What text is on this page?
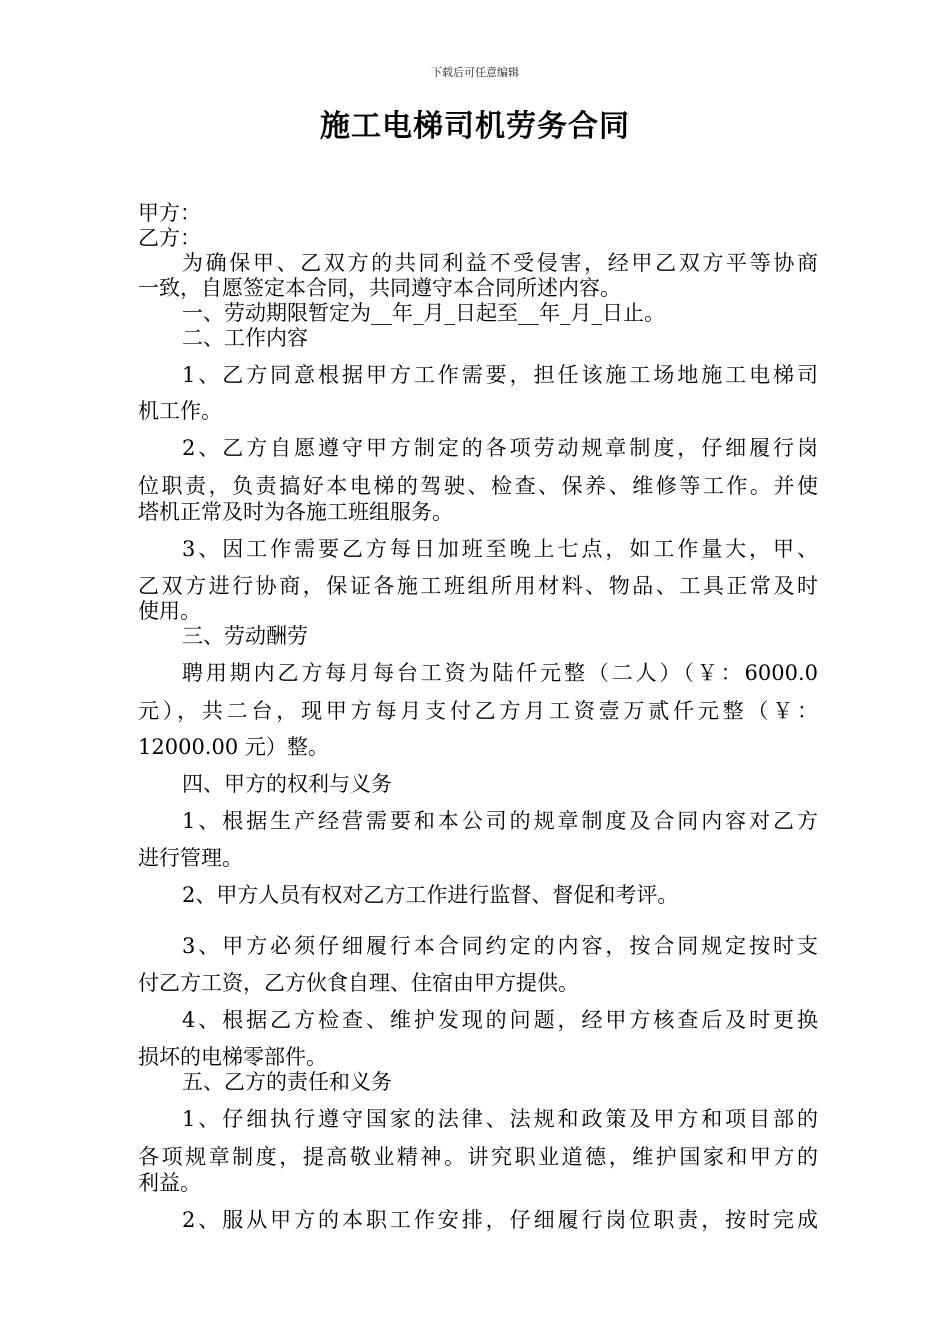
下载后可任意编辑
施工电梯司机劳务合同
甲方：
乙方：
为确保甲、乙双方的共同利益不受侵害，经甲乙双方平等协商
一致，自愿签定本合同，共同遵守本合同所述内容。
一、劳动期限暂定为__年_月_日起至__年_月_日止。
二、工作内容
1、乙方同意根据甲方工作需要，担任该施工场地施工电梯司
机工作。
2、乙方自愿遵守甲方制定的各项劳动规章制度，仔细履行岗
位职责，负责搞好本电梯的驾驶、检查、保养、维修等工作。并使
塔机正常及时为各施工班组服务。
3、因工作需要乙方每日加班至晚上七点，如工作量大，甲、
乙双方进行协商，保证各施工班组所用材料、物品、工具正常及时
使用。
三、劳动酬劳
聘用期内乙方每月每台工资为陆仟元整（二人）（￥：6000.0
元），共二台，现甲方每月支付乙方月工资壹万贰仟元整（￥：
12000.00 元）整。
四、甲方的权利与义务
1、根据生产经营需要和本公司的规章制度及合同内容对乙方
进行管理。
2、甲方人员有权对乙方工作进行监督、督促和考评。
3、甲方必须仔细履行本合同约定的内容，按合同规定按时支
付乙方工资，乙方伙食自理、住宿由甲方提供。
4、根据乙方检查、维护发现的问题，经甲方核查后及时更换
损坏的电梯零部件。
五、乙方的责任和义务
1、仔细执行遵守国家的法律、法规和政策及甲方和项目部的
各项规章制度，提高敬业精神。讲究职业道德，维护国家和甲方的
利益。
2、服从甲方的本职工作安排，仔细履行岗位职责，按时完成
